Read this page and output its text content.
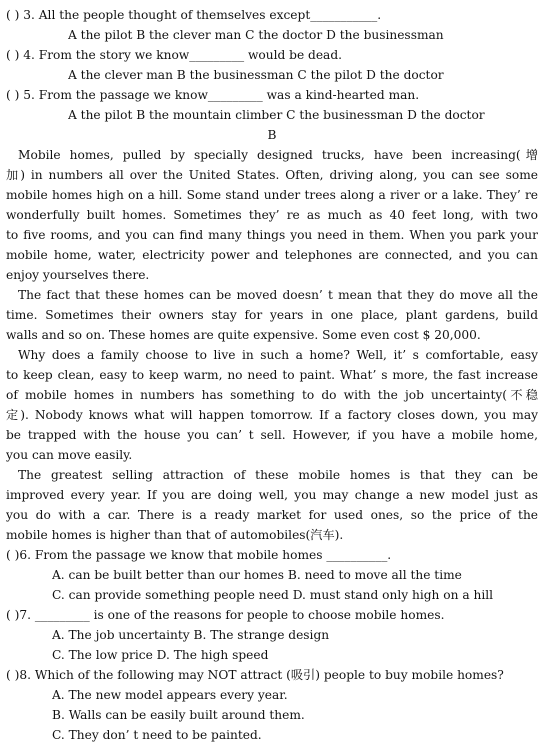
( ) 3. All the people thought of themselves except___________.
A the pilot B the clever man C the doctor D the businessman
( ) 4. From the story we know_________ would be dead.
A the clever man B the businessman C the pilot D the doctor
( ) 5. From the passage we know_________ was a kind-hearted man.
A the pilot B the mountain climber C the businessman D the doctor
B
Mobile homes, pulled by specially designed trucks, have been increasing(增
加) in numbers all over the United States. Often, driving along, you can see some
mobile homes high on a hill. Some stand under trees along a river or a lake. They’ re
wonderfully built homes. Sometimes they’ re as much as 40 feet long, with two
to five rooms, and you can find many things you need in them. When you park your
mobile home, water, electricity power and telephones are connected, and you can
enjoy yourselves there.
The fact that these homes can be moved doesn’ t mean that they do move all the
time. Sometimes their owners stay for years in one place, plant gardens, build
walls and so on. These homes are quite expensive. Some even cost $ 20,000.
Why does a family choose to live in such a home? Well, it’ s comfortable, easy
to keep clean, easy to keep warm, no need to paint. What’ s more, the fast increase
of mobile homes in numbers has something to do with the job uncertainty(不稳
定). Nobody knows what will happen tomorrow. If a factory closes down, you may
be trapped with the house you can’ t sell. However, if you have a mobile home,
you can move easily.
The greatest selling attraction of these mobile homes is that they can be
improved every year. If you are doing well, you may change a new model just as
you do with a car. There is a ready market for used ones, so the price of the
mobile homes is higher than that of automobiles(汽车).
( )6. From the passage we know that mobile homes __________.
A. can be built better than our homes B. need to move all the time
C. can provide something people need D. must stand only high on a hill
( )7. _________ is one of the reasons for people to choose mobile homes.
A. The job uncertainty B. The strange design
C. The low price D. The high speed
( )8. Which of the following may NOT attract (吸引) people to buy mobile homes?
A. The new model appears every year.
B. Walls can be easily built around them.
C. They don’ t need to be painted.
